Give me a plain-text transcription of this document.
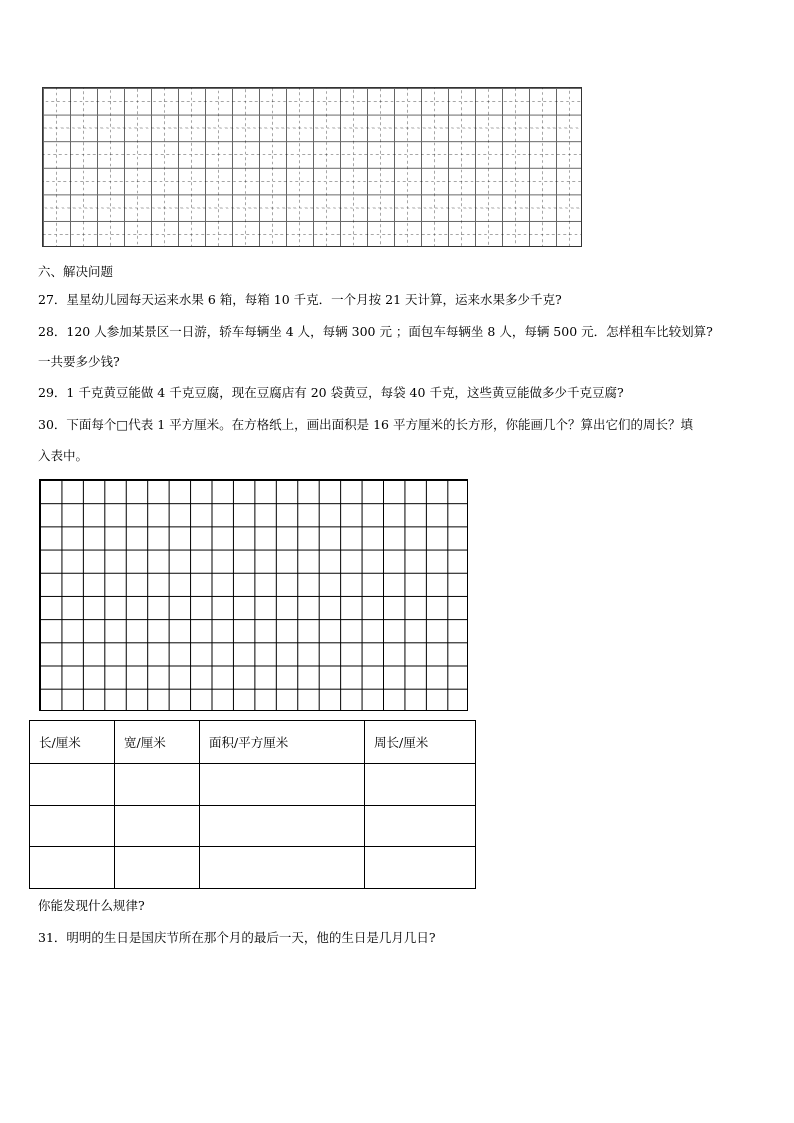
六、解决问题
27．星星幼儿园每天运来水果 6 箱，每箱 10 千克．一个月按 21 天计算，运来水果多少千克?
28．120 人参加某景区一日游，轿车每辆坐 4 人，每辆 300 元 ；面包车每辆坐 8 人，每辆 500 元．怎样租车比较划算?
一共要多少钱?
29．1 千克黄豆能做 4 千克豆腐，现在豆腐店有 20 袋黄豆，每袋 40 千克，这些黄豆能做多少千克豆腐?
30．下面每个□代表 1 平方厘米。在方格纸上，画出面积是 16 平方厘米的长方形，你能画几个？算出它们的周长？填
入表中。
长/厘米	宽/厘米	面积/平方厘米	周长/厘米

你能发现什么规律?
31．明明的生日是国庆节所在那个月的最后一天，他的生日是几月几日?
